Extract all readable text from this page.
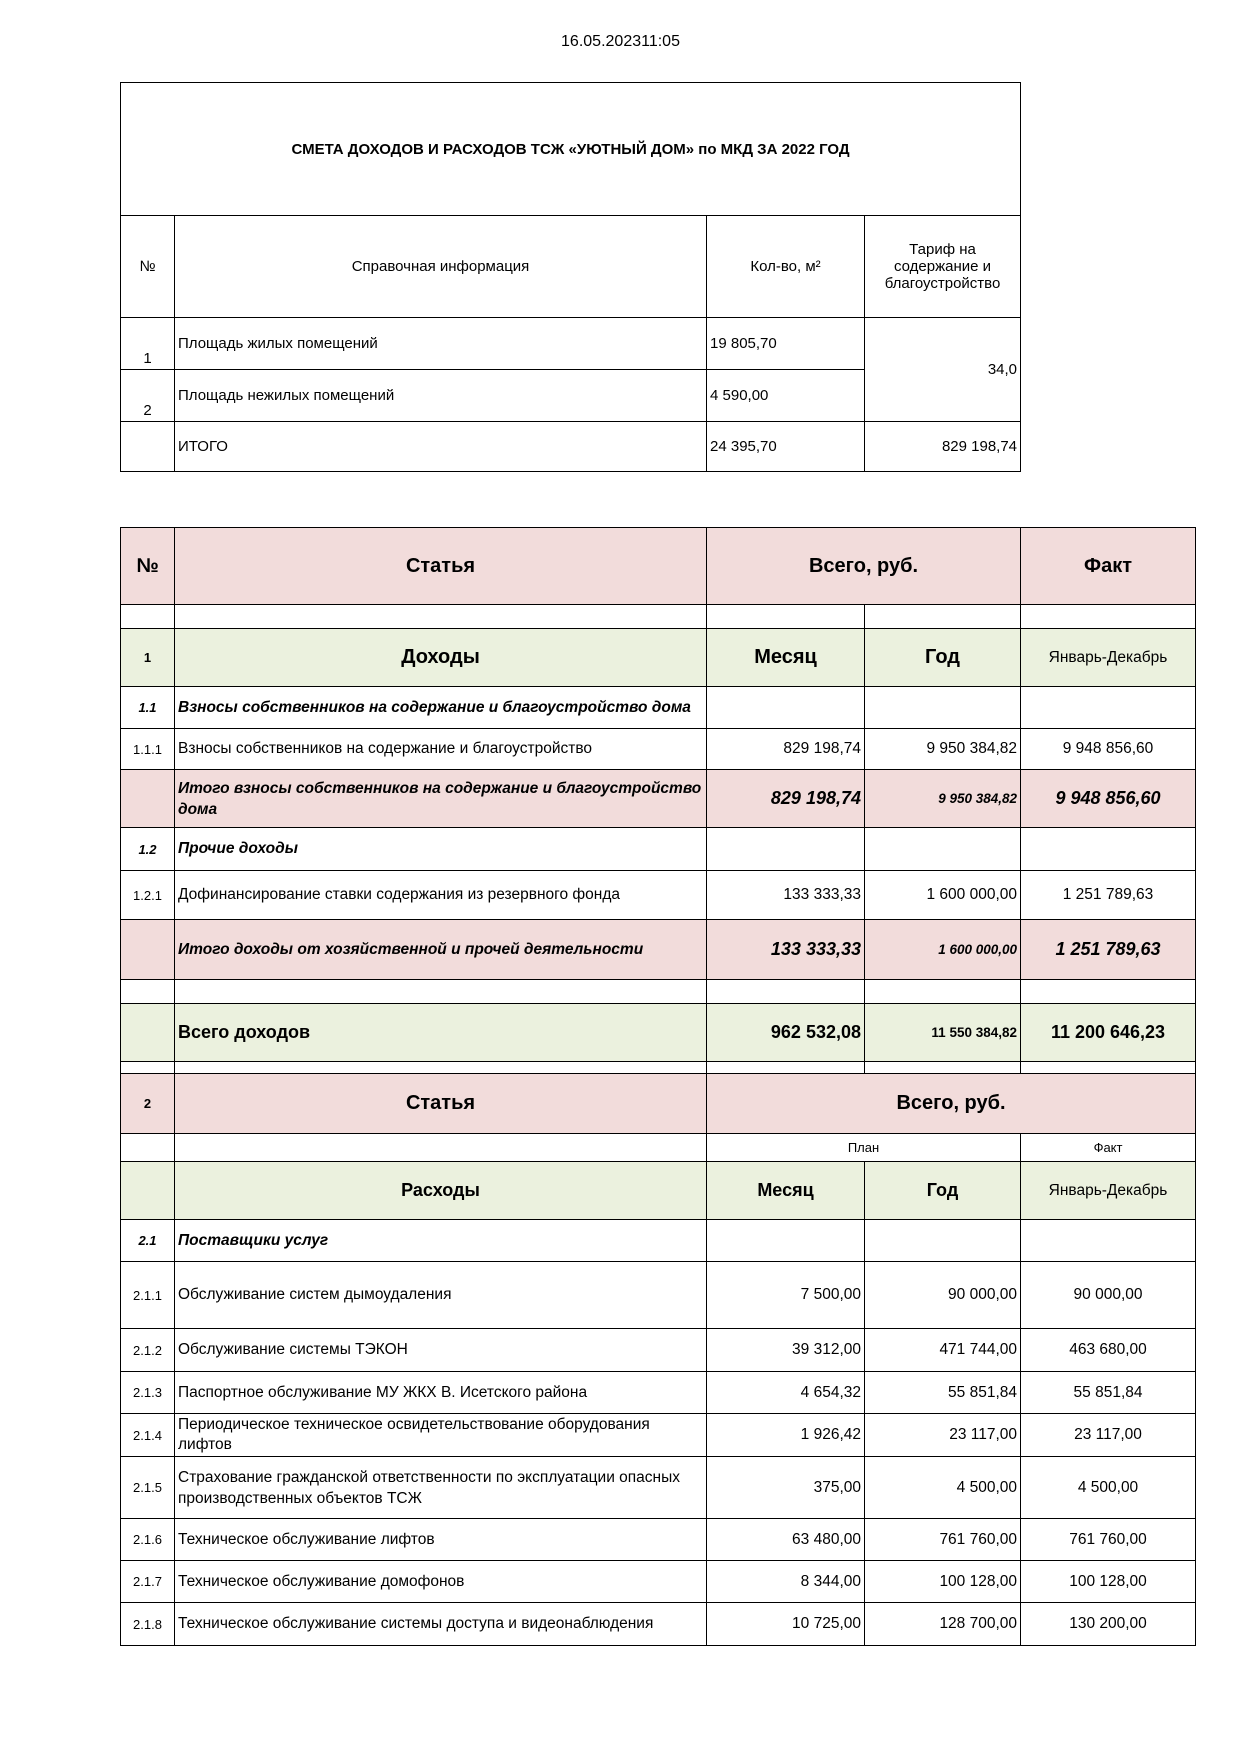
16.05.202311:05
СМЕТА ДОХОДОВ И РАСХОДОВ ТСЖ «УЮТНЫЙ ДОМ» по МКД ЗА 2022 ГОД			
№	Справочная информация	Кол-во, м²	Тариф на содержание и благоустройство
1	Площадь жилых помещений	19 805,70	34,0
2	Площадь нежилых помещений	4 590,00	
	ИТОГО	24 395,70	829 198,74
№	Статья	Всего, руб.		Факт

1	Доходы	Месяц	Год	Январь-Декабрь
1.1	Взносы собственников на содержание и благоустройство дома			
1.1.1	Взносы собственников на содержание и благоустройство	829 198,74	9 950 384,82	9 948 856,60
	Итого взносы собственников на содержание и благоустройство дома	829 198,74	9 950 384,82	9 948 856,60
1.2	Прочие доходы			
1.2.1	Дофинансирование ставки содержания из резервного фонда	133 333,33	1 600 000,00	1 251 789,63
	Итого доходы от хозяйственной и прочей деятельности	133 333,33	1 600 000,00	1 251 789,63

	Всего доходов	962 532,08	11 550 384,82	11 200 646,23

2	Статья	Всего, руб.		
		План		Факт
	Расходы	Месяц	Год	Январь-Декабрь
2.1	Поставщики услуг			
2.1.1	Обслуживание систем дымоудаления	7 500,00	90 000,00	90 000,00
2.1.2	Обслуживание системы ТЭКОН	39 312,00	471 744,00	463 680,00
2.1.3	Паспортное обслуживание МУ ЖКХ В. Исетского района	4 654,32	55 851,84	55 851,84
2.1.4	Периодическое техническое освидетельствование оборудования лифтов	1 926,42	23 117,00	23 117,00
2.1.5	Страхование гражданской ответственности по эксплуатации опасных производственных объектов ТСЖ	375,00	4 500,00	4 500,00
2.1.6	Техническое обслуживание лифтов	63 480,00	761 760,00	761 760,00
2.1.7	Техническое обслуживание домофонов	8 344,00	100 128,00	100 128,00
2.1.8	Техническое обслуживание системы доступа и видеонаблюдения	10 725,00	128 700,00	130 200,00
